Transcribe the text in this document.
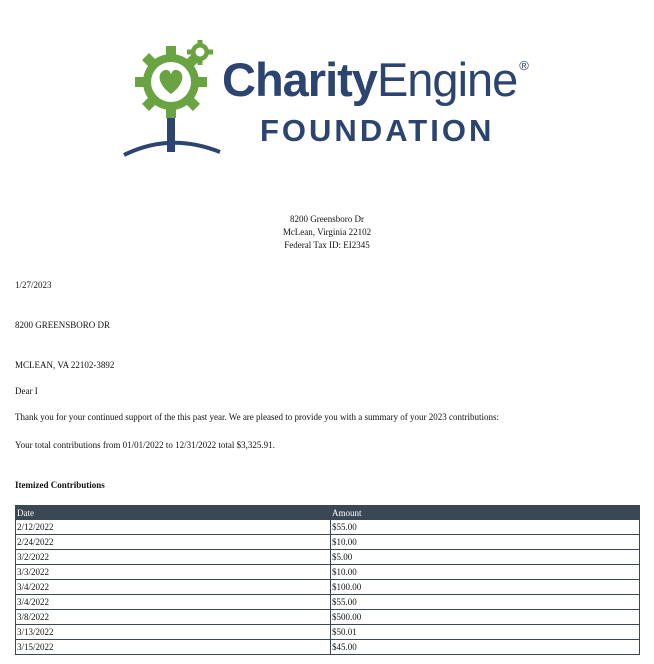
CharityEngine ®
FOUNDATION
8200 Greensboro Dr
McLean, Virginia 22102
Federal Tax ID: EI2345
1/27/2023
8200 GREENSBORO DR
MCLEAN, VA 22102-3892
Dear I
Thank you for your continued support of the this past year. We are pleased to provide you with a summary of your 2023 contributions:
Your total contributions from 01/01/2022 to 12/31/2022 total $3,325.91.
Itemized Contributions
Date	Amount
2/12/2022	$55.00
2/24/2022	$10.00
3/2/2022	$5.00
3/3/2022	$10.00
3/4/2022	$100.00
3/4/2022	$55.00
3/8/2022	$500.00
3/13/2022	$50.01
3/15/2022	$45.00
